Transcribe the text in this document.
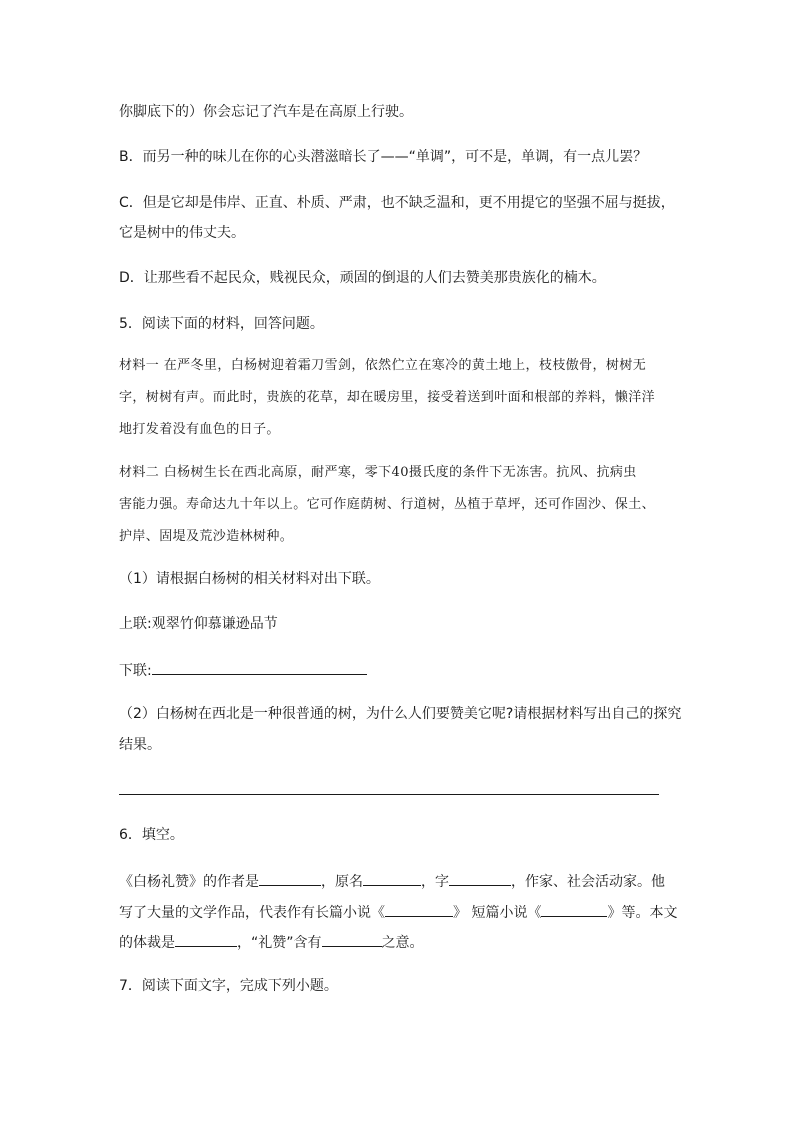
你脚底下的）你会忘记了汽车是在高原上行驶。
B．而另一种的味儿在你的心头潜滋暗长了——“单调”，可不是，单调，有一点儿罢？
C．但是它却是伟岸、正直、朴质、严肃，也不缺乏温和，更不用提它的坚强不屈与挺拔，
它是树中的伟丈夫。
D．让那些看不起民众，贱视民众，顽固的倒退的人们去赞美那贵族化的楠木。
5．阅读下面的材料，回答问题。
材料一 在严冬里，白杨树迎着霜刀雪剑，依然伫立在寒冷的黄土地上，枝枝傲骨，树树无
字，树树有声。而此时，贵族的花草，却在暖房里，接受着送到叶面和根部的养料，懒洋洋
地打发着没有血色的日子。
材料二 白杨树生长在西北高原，耐严寒，零下40摄氏度的条件下无冻害。抗风、抗病虫
害能力强。寿命达九十年以上。它可作庭荫树、行道树，丛植于草坪，还可作固沙、保土、
护岸、固堤及荒沙造林树种。
（1）请根据白杨树的相关材料对出下联。
上联:观翠竹仰慕谦逊品节
下联:
（2）白杨树在西北是一种很普通的树，为什么人们要赞美它呢?请根据材料写出自己的探究
结果。
6．填空。
《白杨礼赞》的作者是	，原名	，字	，作家、社会活动家。他
写了大量的文学作品，代表作有长篇小说《	》 短篇小说《	》等。本文
的体裁是	，“礼赞”含有	之意。
7．阅读下面文字，完成下列小题。
